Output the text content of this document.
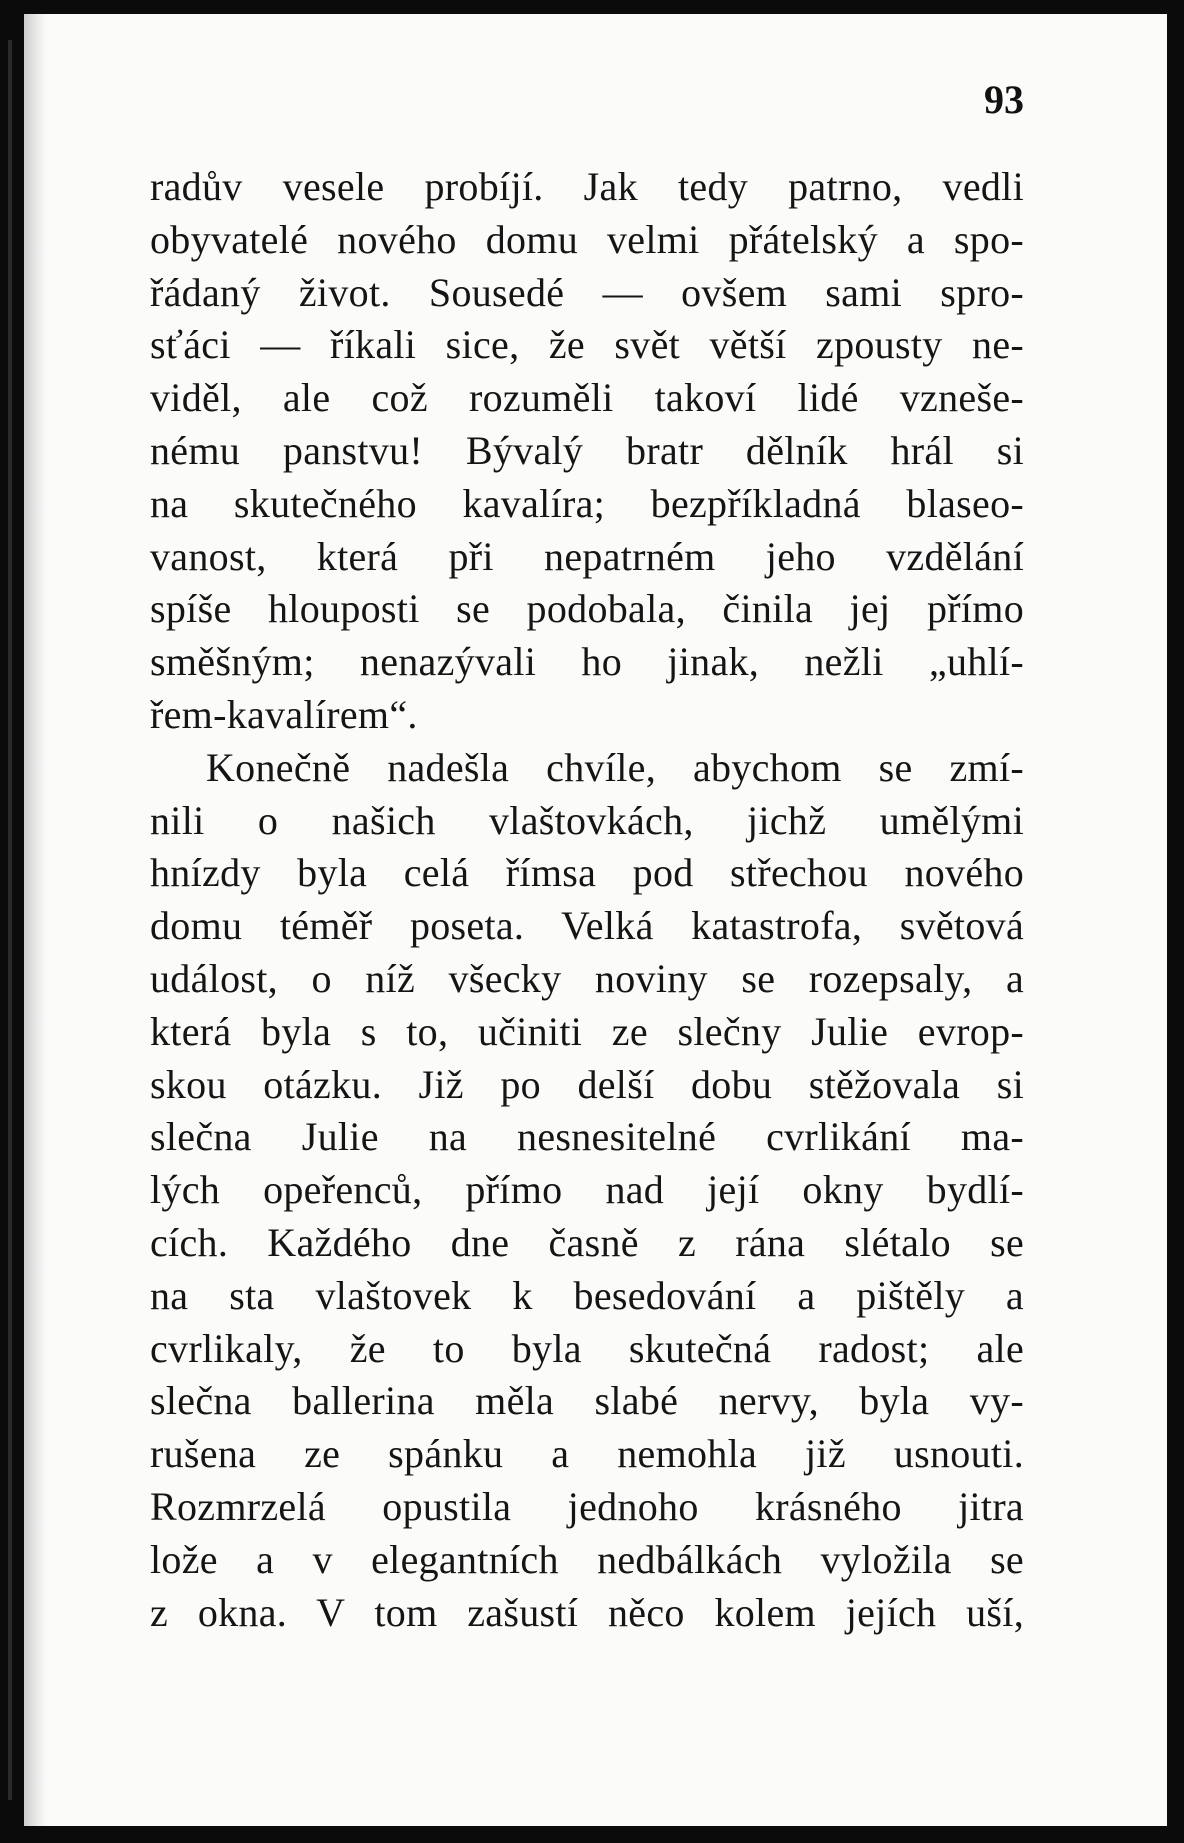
93
radův vesele probíjí. Jak tedy patrno, vedli
obyvatelé nového domu velmi přátelský a spo-
řádaný život. Sousedé — ovšem sami spro-
sťáci — říkali sice, že svět větší zpousty ne-
viděl, ale což rozuměli takoví lidé vzneše-
nému panstvu! Bývalý bratr dělník hrál si
na skutečného kavalíra; bezpříkladná blaseo-
vanost, která při nepatrném jeho vzdělání
spíše hlouposti se podobala, činila jej přímo
směšným; nenazývali ho jinak, nežli „uhlí-
řem-kavalírem“.
Konečně nadešla chvíle, abychom se zmí-
nili o našich vlaštovkách, jichž umělými
hnízdy byla celá římsa pod střechou nového
domu téměř poseta. Velká katastrofa, světová
událost, o níž všecky noviny se rozepsaly, a
která byla s to, učiniti ze slečny Julie evrop-
skou otázku. Již po delší dobu stěžovala si
slečna Julie na nesnesitelné cvrlikání ma-
lých opeřenců, přímo nad její okny bydlí-
cích. Každého dne časně z rána slétalo se
na sta vlaštovek k besedování a pištěly a
cvrlikaly, že to byla skutečná radost; ale
slečna ballerina měla slabé nervy, byla vy-
rušena ze spánku a nemohla již usnouti.
Rozmrzelá opustila jednoho krásného jitra
lože a v elegantních nedbálkách vyložila se
z okna. V tom zašustí něco kolem jejích uší,
